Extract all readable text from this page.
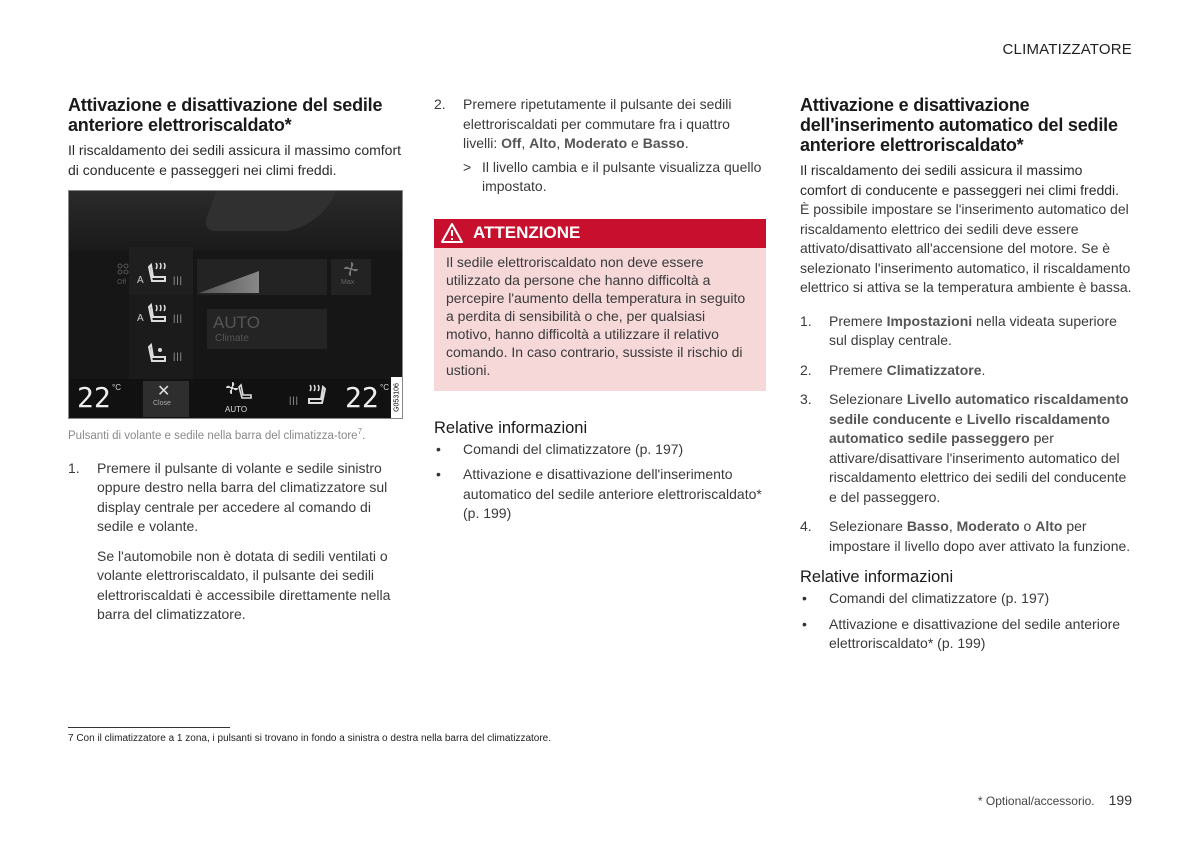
CLIMATIZZATORE
Attivazione e disattivazione del sedile anteriore elettroriscaldato*

Il riscaldamento dei sedili assicura il massimo comfort di conducente e passeggeri nei climi freddi.

AUTO
Climate
Off	Max
A	|||
A	|||
|||
✕
Close
22 °C
AUTO
||| 22 °C G053106

Pulsanti di volante e sedile nella barra del climatizza-tore$^7$.

1. Premere il pulsante di volante e sedile sinistro oppure destro nella barra del climatizzatore sul display centrale per accedere al comando di sedile e volante.

Se l'automobile non è dotata di sedili ventilati o volante elettroriscaldato, il pulsante dei sedili elettroriscaldati è accessibile direttamente nella barra del climatizzatore.

2. Premere ripetutamente il pulsante dei sedili elettroriscaldati per commutare fra i quattro livelli: Off, Alto, Moderato e Basso.

> Il livello cambia e il pulsante visualizza quello impostato.

ATTENZIONE
Il sedile elettroriscaldato non deve essere utilizzato da persone che hanno difficoltà a percepire l'aumento della temperatura in seguito a perdita di sensibilità o che, per qualsiasi motivo, hanno difficoltà a utilizzare il relativo comando. In caso contrario, sussiste il rischio di ustioni.
Relative informazioni
• Comandi del climatizzatore (p. 197)
• Attivazione e disattivazione dell'inserimento automatico del sedile anteriore elettroriscaldato* (p. 199)
Attivazione e disattivazione dell'inserimento automatico del sedile anteriore elettroriscaldato*

Il riscaldamento dei sedili assicura il massimo comfort di conducente e passeggeri nei climi freddi.

È possibile impostare se l'inserimento automatico del riscaldamento elettrico dei sedili deve essere attivato/disattivato all'accensione del motore. Se è selezionato l'inserimento automatico, il riscaldamento elettrico si attiva se la temperatura ambiente è bassa.

1. Premere Impostazioni nella videata superiore sul display centrale.
2. Premere Climatizzatore.
3. Selezionare Livello automatico riscaldamento sedile conducente e Livello riscaldamento automatico sedile passeggero per attivare/disattivare l'inserimento automatico del riscaldamento elettrico dei sedili del conducente e del passeggero.
4. Selezionare Basso, Moderato o Alto per impostare il livello dopo aver attivato la funzione.
Relative informazioni
• Comandi del climatizzatore (p. 197)
• Attivazione e disattivazione del sedile anteriore elettroriscaldato* (p. 199)
7 Con il climatizzatore a 1 zona, i pulsanti si trovano in fondo a sinistra o destra nella barra del climatizzatore.
* Optional/accessorio. 199
